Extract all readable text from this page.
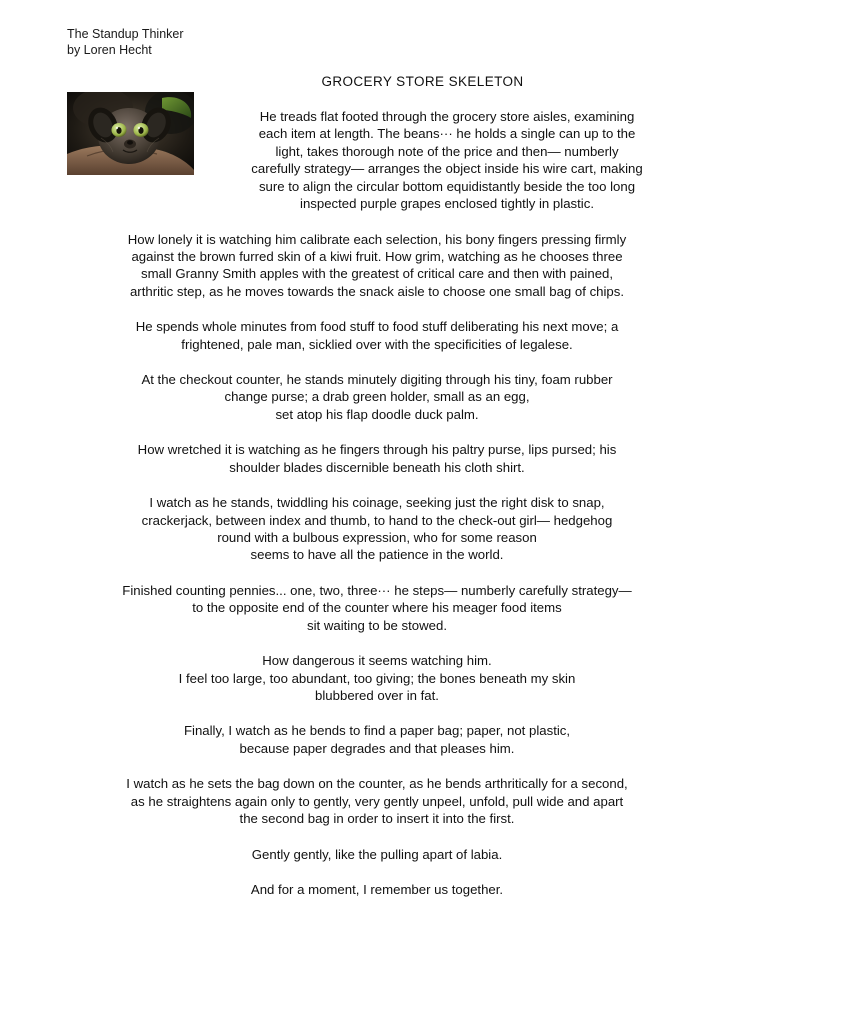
The Standup Thinker
by Loren Hecht
GROCERY STORE SKELETON

He treads flat footed through the grocery store aisles, examining
each item at length. The beans··· he holds a single can up to the
light, takes thorough note of the price and then— numberly
carefully strategy— arranges the object inside his wire cart, making
sure to align the circular bottom equidistantly beside the too long
inspected purple grapes enclosed tightly in plastic.

How lonely it is watching him calibrate each selection, his bony fingers pressing firmly
against the brown furred skin of a kiwi fruit. How grim, watching as he chooses three
small Granny Smith apples with the greatest of critical care and then with pained,
arthritic step, as he moves towards the snack aisle to choose one small bag of chips.

He spends whole minutes from food stuff to food stuff deliberating his next move; a
frightened, pale man, sicklied over with the specificities of legalese.

At the checkout counter, he stands minutely digiting through his tiny, foam rubber
change purse; a drab green holder, small as an egg,
set atop his flap doodle duck palm.

How wretched it is watching as he fingers through his paltry purse, lips pursed; his
shoulder blades discernible beneath his cloth shirt.

I watch as he stands, twiddling his coinage, seeking just the right disk to snap,
crackerjack, between index and thumb, to hand to the check-out girl— hedgehog
round with a bulbous expression, who for some reason
seems to have all the patience in the world.

Finished counting pennies... one, two, three··· he steps— numberly carefully strategy—
to the opposite end of the counter where his meager food items
sit waiting to be stowed.

How dangerous it seems watching him.
I feel too large, too abundant, too giving; the bones beneath my skin
blubbered over in fat.

Finally, I watch as he bends to find a paper bag; paper, not plastic,
because paper degrades and that pleases him.

I watch as he sets the bag down on the counter, as he bends arthritically for a second,
as he straightens again only to gently, very gently unpeel, unfold, pull wide and apart
the second bag in order to insert it into the first.

Gently gently, like the pulling apart of labia.

And for a moment, I remember us together.
